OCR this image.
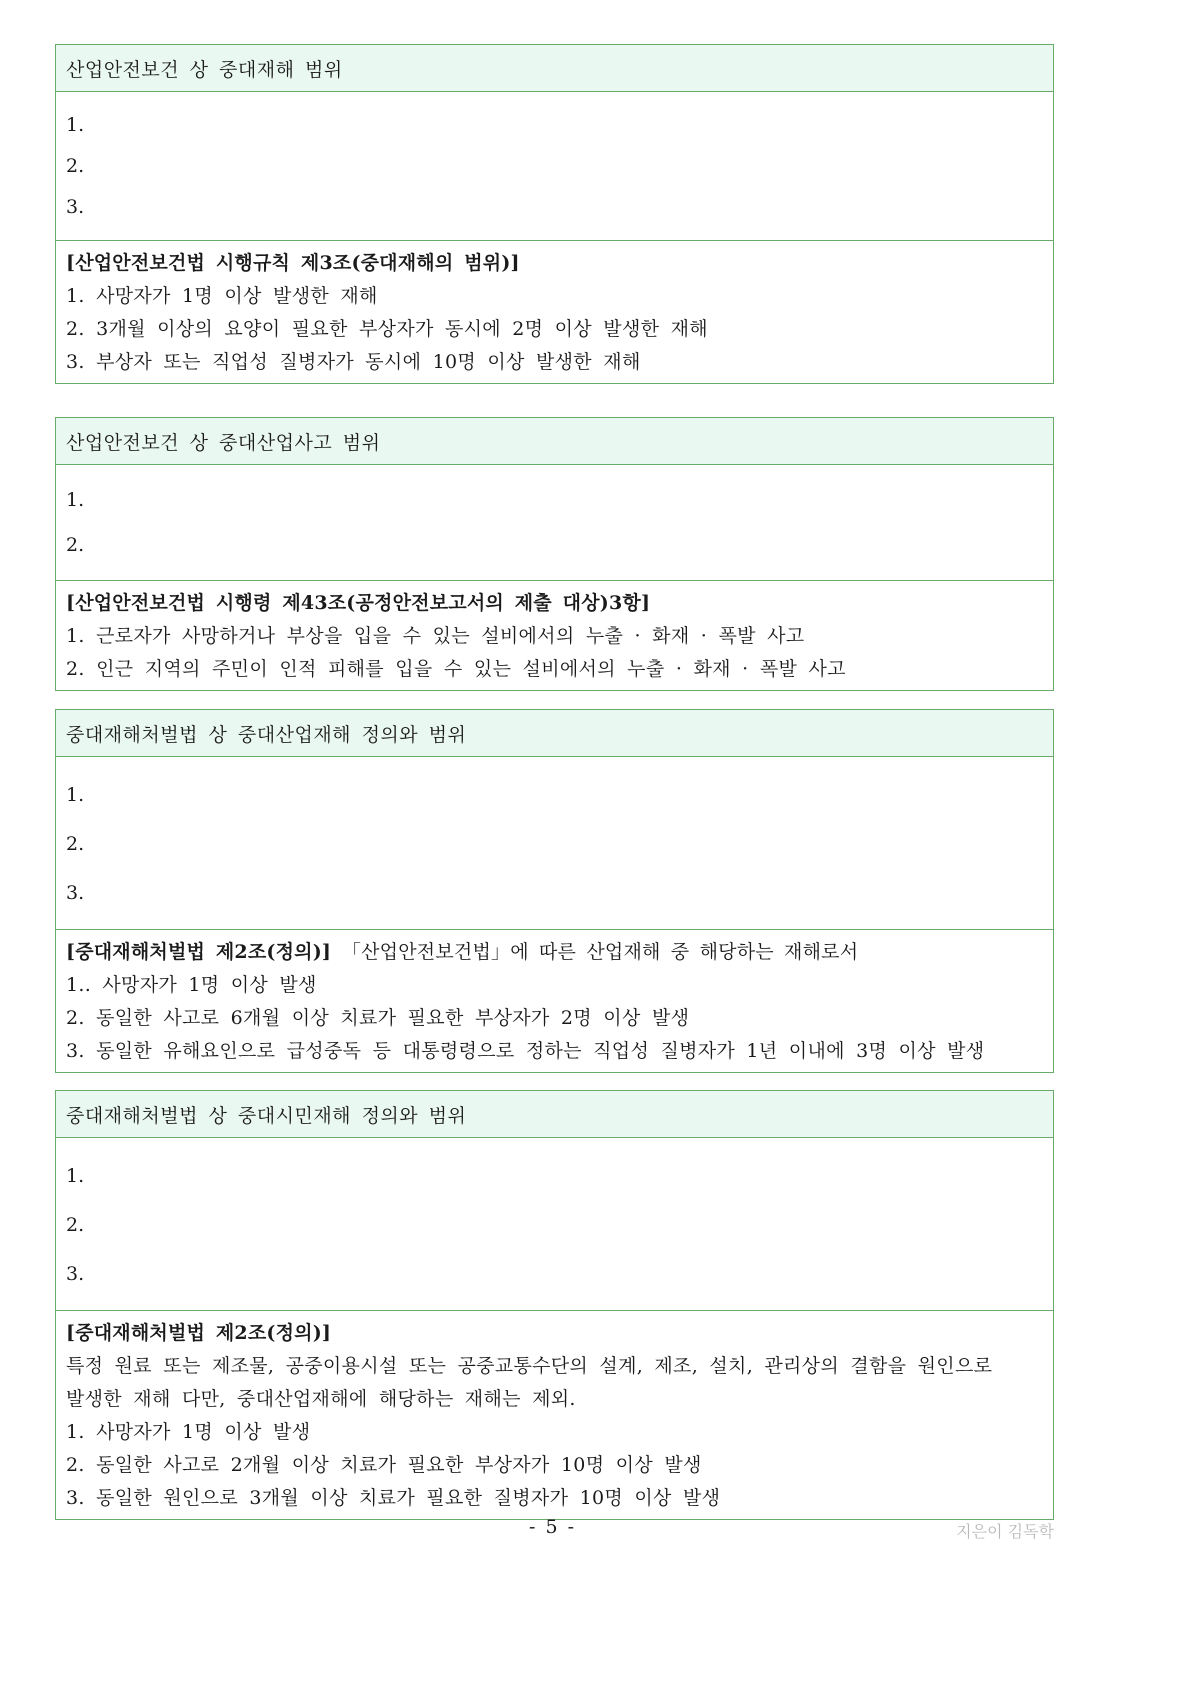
산업안전보건 상 중대재해 범위
1.
2.
3.
[산업안전보건법 시행규칙 제3조(중대재해의 범위)]
1. 사망자가 1명 이상 발생한 재해
2. 3개월 이상의 요양이 필요한 부상자가 동시에 2명 이상 발생한 재해
3. 부상자 또는 직업성 질병자가 동시에 10명 이상 발생한 재해
산업안전보건 상 중대산업사고 범위
1.
2.
[산업안전보건법 시행령 제43조(공정안전보고서의 제출 대상)3항]
1. 근로자가 사망하거나 부상을 입을 수 있는 설비에서의 누출 · 화재 · 폭발 사고
2. 인근 지역의 주민이 인적 피해를 입을 수 있는 설비에서의 누출 · 화재 · 폭발 사고
중대재해처벌법 상 중대산업재해 정의와 범위
1.
2.
3.
[중대재해처벌법 제2조(정의)] 「산업안전보건법」에 따른 산업재해 중 해당하는 재해로서
1.. 사망자가 1명 이상 발생
2. 동일한 사고로 6개월 이상 치료가 필요한 부상자가 2명 이상 발생
3. 동일한 유해요인으로 급성중독 등 대통령령으로 정하는 직업성 질병자가 1년 이내에 3명 이상 발생
중대재해처벌법 상 중대시민재해 정의와 범위
1.
2.
3.
[중대재해처벌법 제2조(정의)]
특정 원료 또는 제조물, 공중이용시설 또는 공중교통수단의 설계, 제조, 설치, 관리상의 결함을 원인으로
발생한 재해 다만, 중대산업재해에 해당하는 재해는 제외.
1. 사망자가 1명 이상 발생
2. 동일한 사고로 2개월 이상 치료가 필요한 부상자가 10명 이상 발생
3. 동일한 원인으로 3개월 이상 치료가 필요한 질병자가 10명 이상 발생
- 5 -	지은이 김독학
